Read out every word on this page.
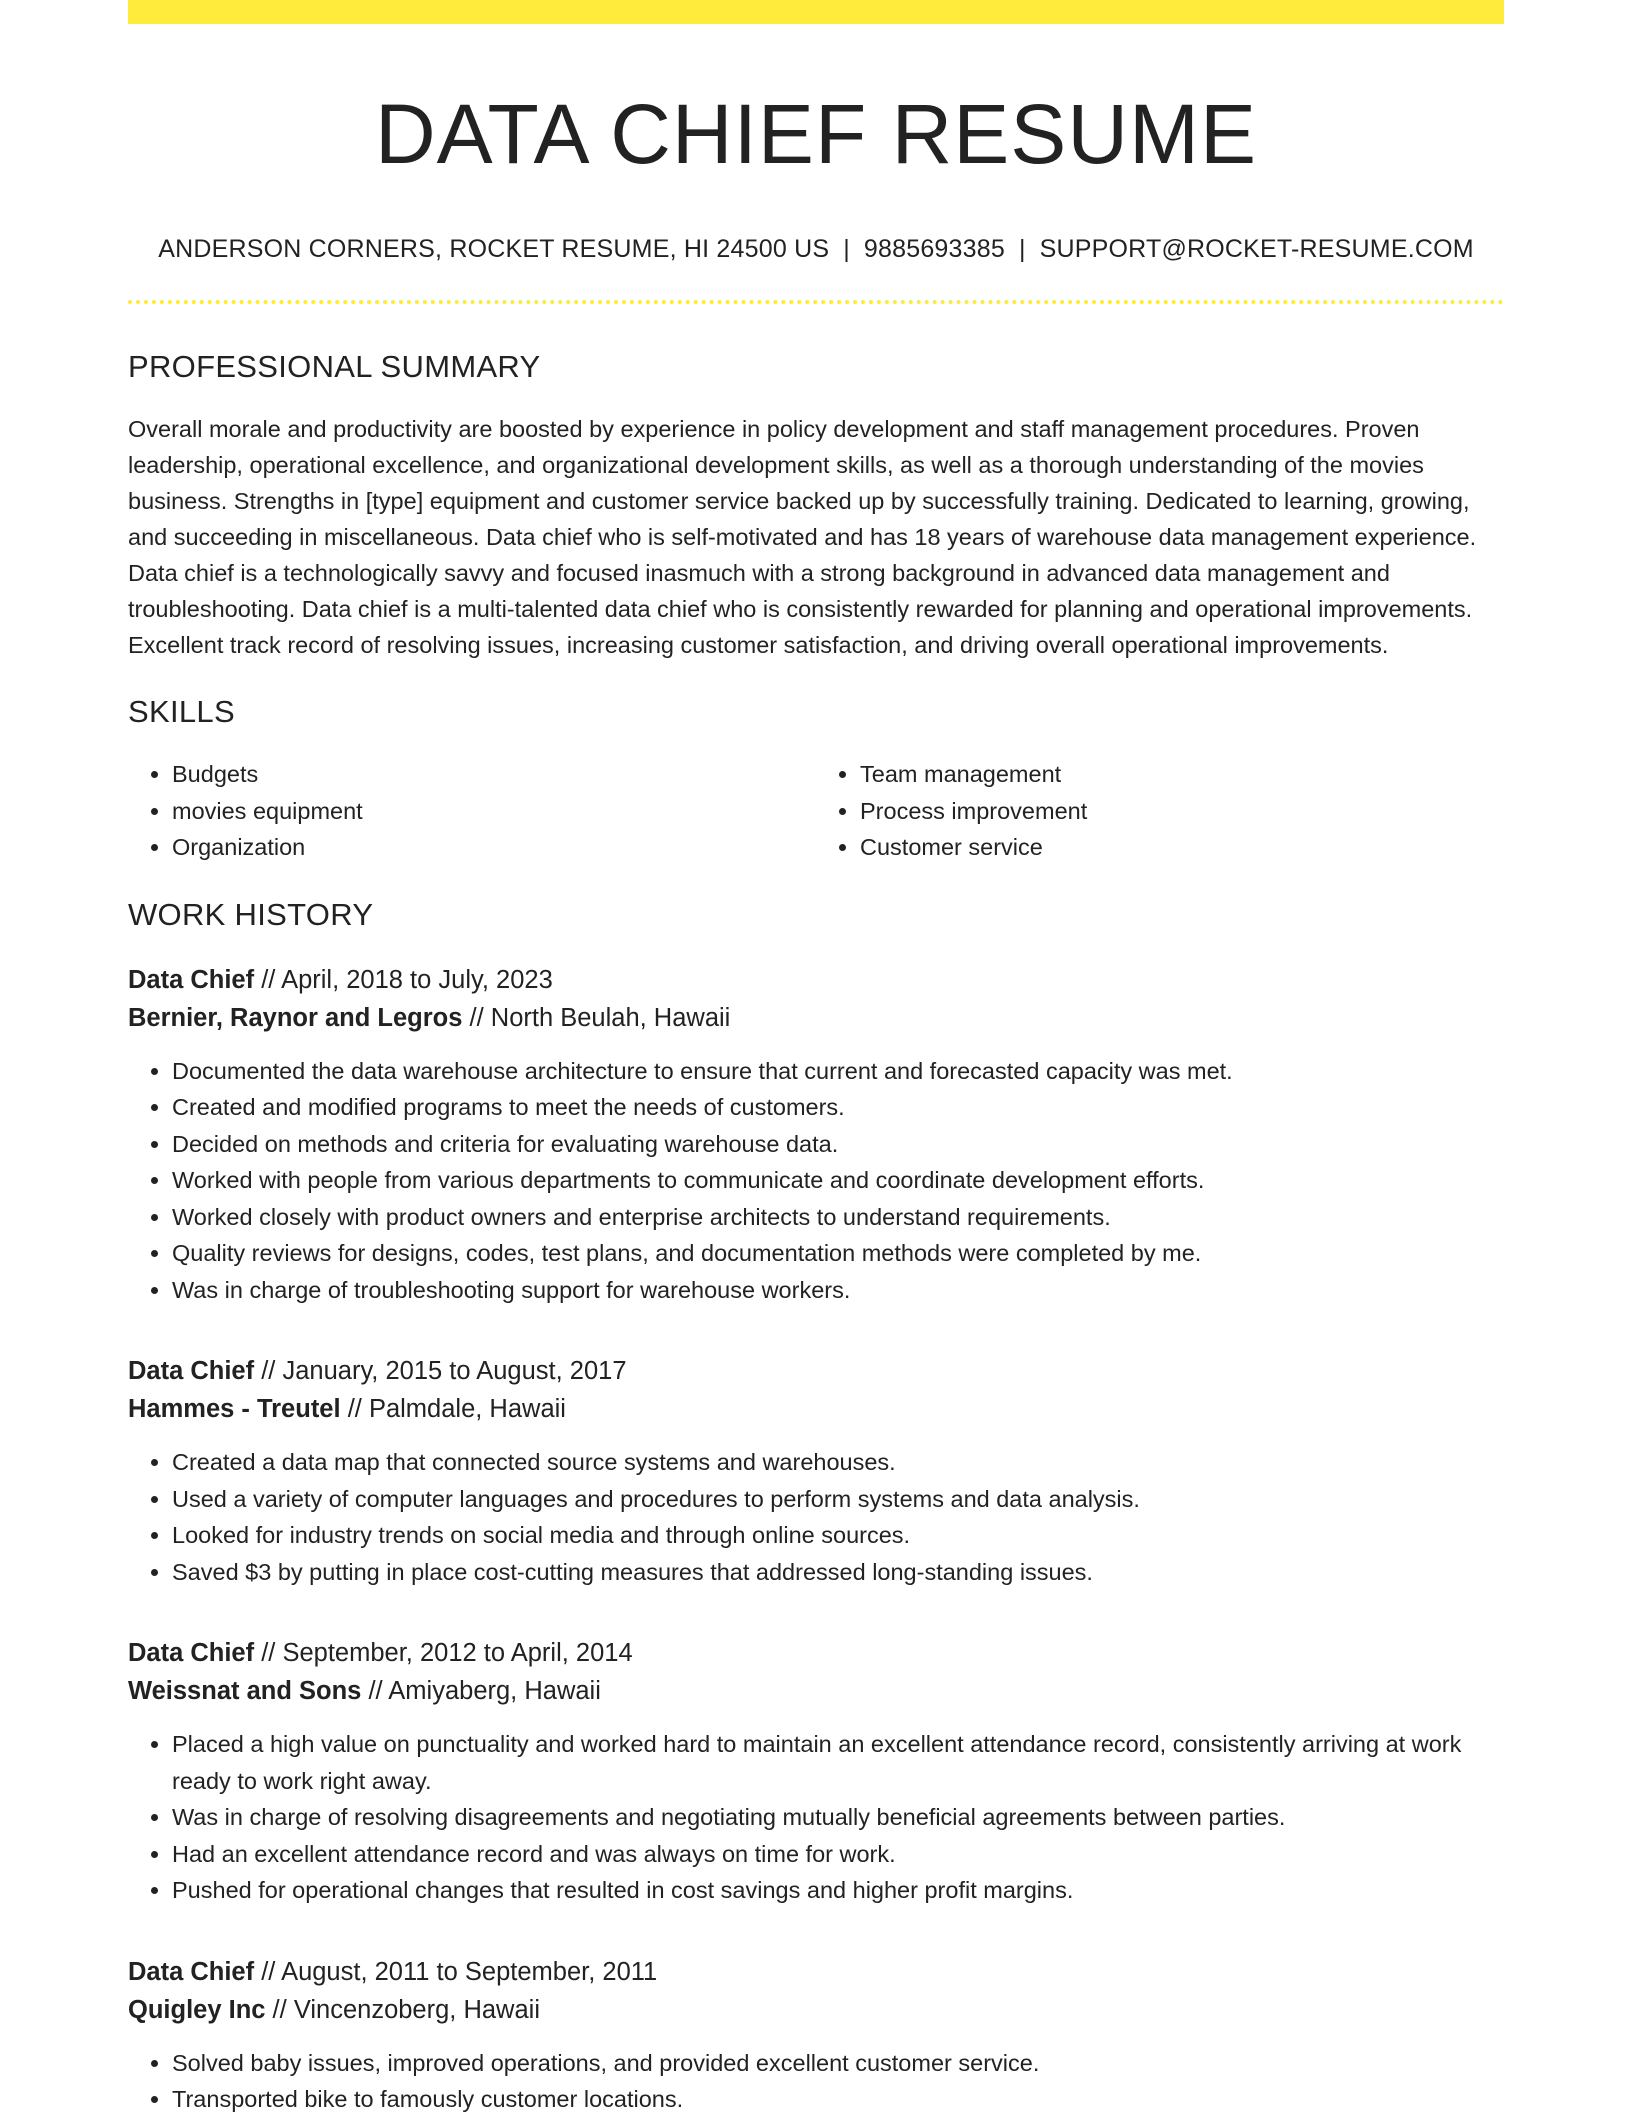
DATA CHIEF RESUME
ANDERSON CORNERS, ROCKET RESUME, HI 24500 US | 9885693385 | SUPPORT@ROCKET-RESUME.COM
PROFESSIONAL SUMMARY

Overall morale and productivity are boosted by experience in policy development and staff management procedures. Proven leadership, operational excellence, and organizational development skills, as well as a thorough understanding of the movies business. Strengths in [type] equipment and customer service backed up by successfully training. Dedicated to learning, growing, and succeeding in miscellaneous. Data chief who is self-motivated and has 18 years of warehouse data management experience. Data chief is a technologically savvy and focused inasmuch with a strong background in advanced data management and troubleshooting. Data chief is a multi-talented data chief who is consistently rewarded for planning and operational improvements. Excellent track record of resolving issues, increasing customer satisfaction, and driving overall operational improvements.

SKILLS
• Budgets
• movies equipment
• Organization
• Team management
• Process improvement
• Customer service
WORK HISTORY
Data Chief // April, 2018 to July, 2023
Bernier, Raynor and Legros // North Beulah, Hawaii
• Documented the data warehouse architecture to ensure that current and forecasted capacity was met.
• Created and modified programs to meet the needs of customers.
• Decided on methods and criteria for evaluating warehouse data.
• Worked with people from various departments to communicate and coordinate development efforts.
• Worked closely with product owners and enterprise architects to understand requirements.
• Quality reviews for designs, codes, test plans, and documentation methods were completed by me.
• Was in charge of troubleshooting support for warehouse workers.
Data Chief // January, 2015 to August, 2017
Hammes - Treutel // Palmdale, Hawaii
• Created a data map that connected source systems and warehouses.
• Used a variety of computer languages and procedures to perform systems and data analysis.
• Looked for industry trends on social media and through online sources.
• Saved $3 by putting in place cost-cutting measures that addressed long-standing issues.
Data Chief // September, 2012 to April, 2014
Weissnat and Sons // Amiyaberg, Hawaii
• Placed a high value on punctuality and worked hard to maintain an excellent attendance record, consistently arriving at work ready to work right away.
• Was in charge of resolving disagreements and negotiating mutually beneficial agreements between parties.
• Had an excellent attendance record and was always on time for work.
• Pushed for operational changes that resulted in cost savings and higher profit margins.
Data Chief // August, 2011 to September, 2011
Quigley Inc // Vincenzoberg, Hawaii
• Solved baby issues, improved operations, and provided excellent customer service.
• Transported bike to famously customer locations.
